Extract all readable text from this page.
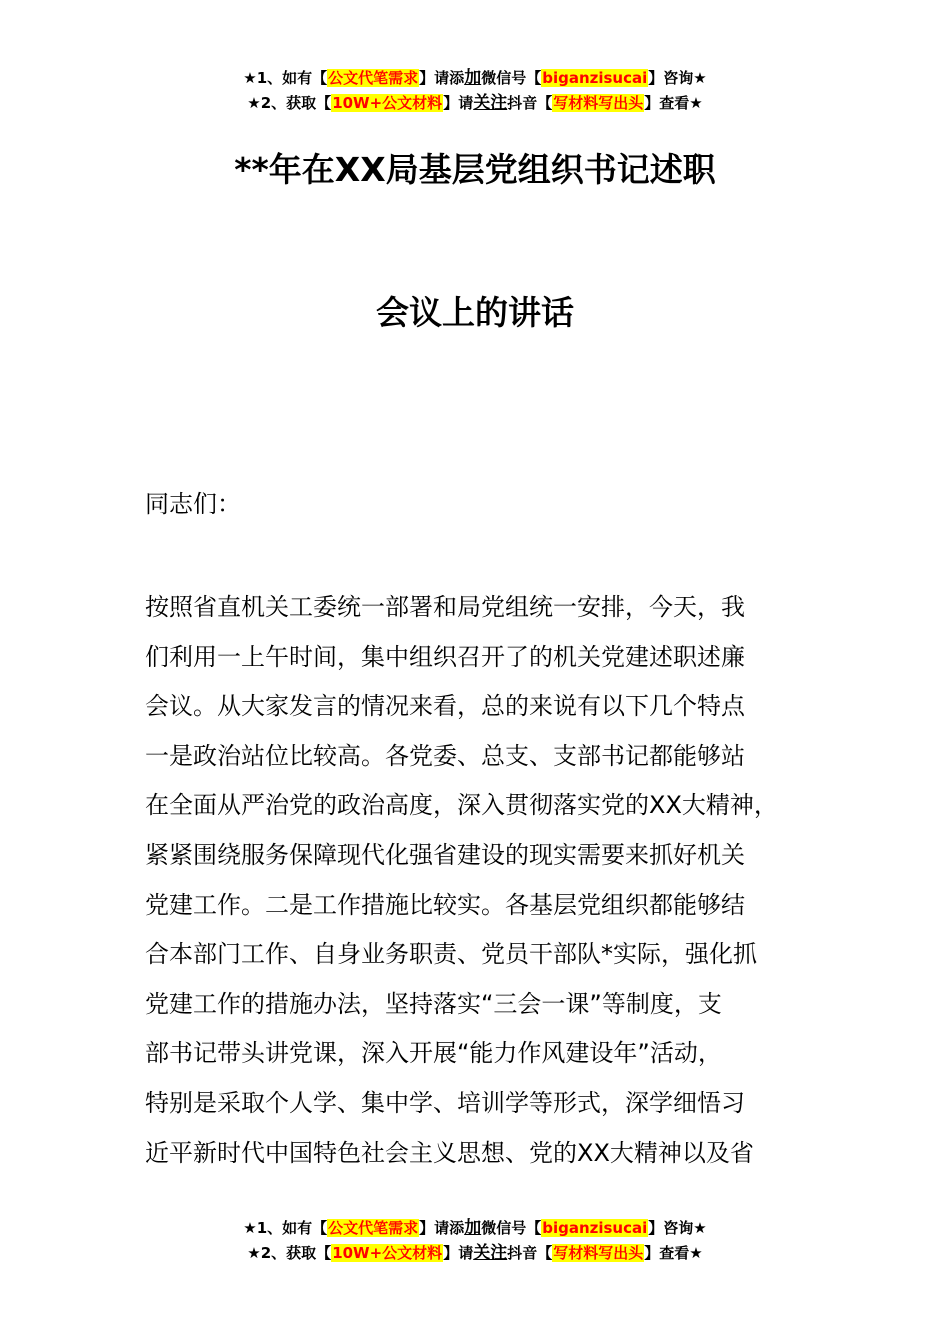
★1、如有【公文代笔需求】请添加微信号【biganzisucai】咨询★
★2、获取【10W+公文材料】请关注抖音【写材料写出头】查看★
**年在XX局基层党组织书记述职
会议上的讲话
同志们：
按照省直机关工委统一部署和局党组统一安排，今天，我
们利用一上午时间，集中组织召开了的机关党建述职述廉
会议。从大家发言的情况来看，总的来说有以下几个特点
一是政治站位比较高。各党委、总支、支部书记都能够站
在全面从严治党的政治高度，深入贯彻落实党的XX大精神，
紧紧围绕服务保障现代化强省建设的现实需要来抓好机关
党建工作。二是工作措施比较实。各基层党组织都能够结
合本部门工作、自身业务职责、党员干部队*实际，强化抓
党建工作的措施办法，坚持落实“三会一课”等制度，支
部书记带头讲党课，深入开展“能力作风建设年”活动，
特别是采取个人学、集中学、培训学等形式，深学细悟习
近平新时代中国特色社会主义思想、党的XX大精神以及省
★1、如有【公文代笔需求】请添加微信号【biganzisucai】咨询★
★2、获取【10W+公文材料】请关注抖音【写材料写出头】查看★
